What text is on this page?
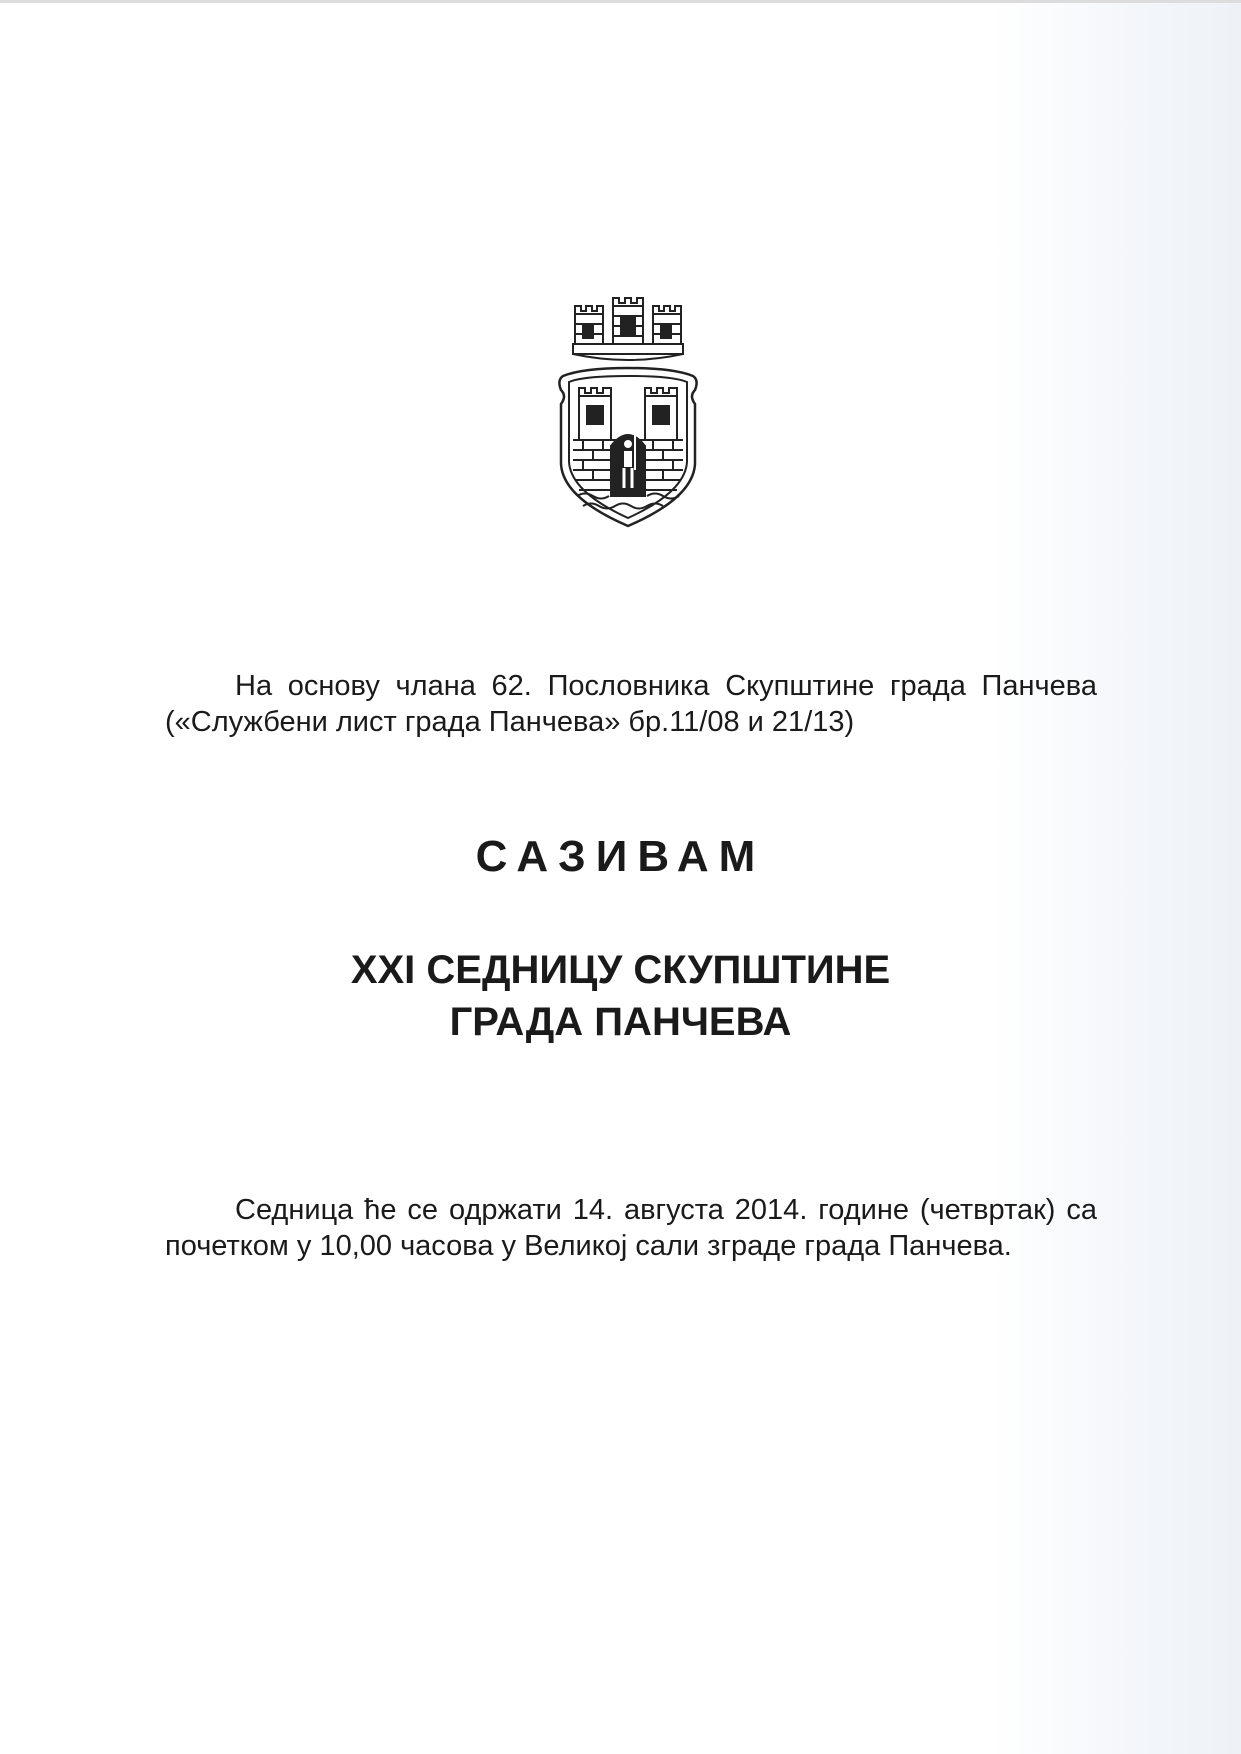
На основу члана 62. Пословника Скупштине града Панчева («Службени лист града Панчева» бр.11/08 и 21/13)
САЗИВАМ
XXI СЕДНИЦУ СКУПШТИНЕ
ГРАДА ПАНЧЕВА
Седница ће се одржати 14. августа 2014. године (четвртак) са почетком у 10,00 часова у Великој сали зграде града Панчева.
